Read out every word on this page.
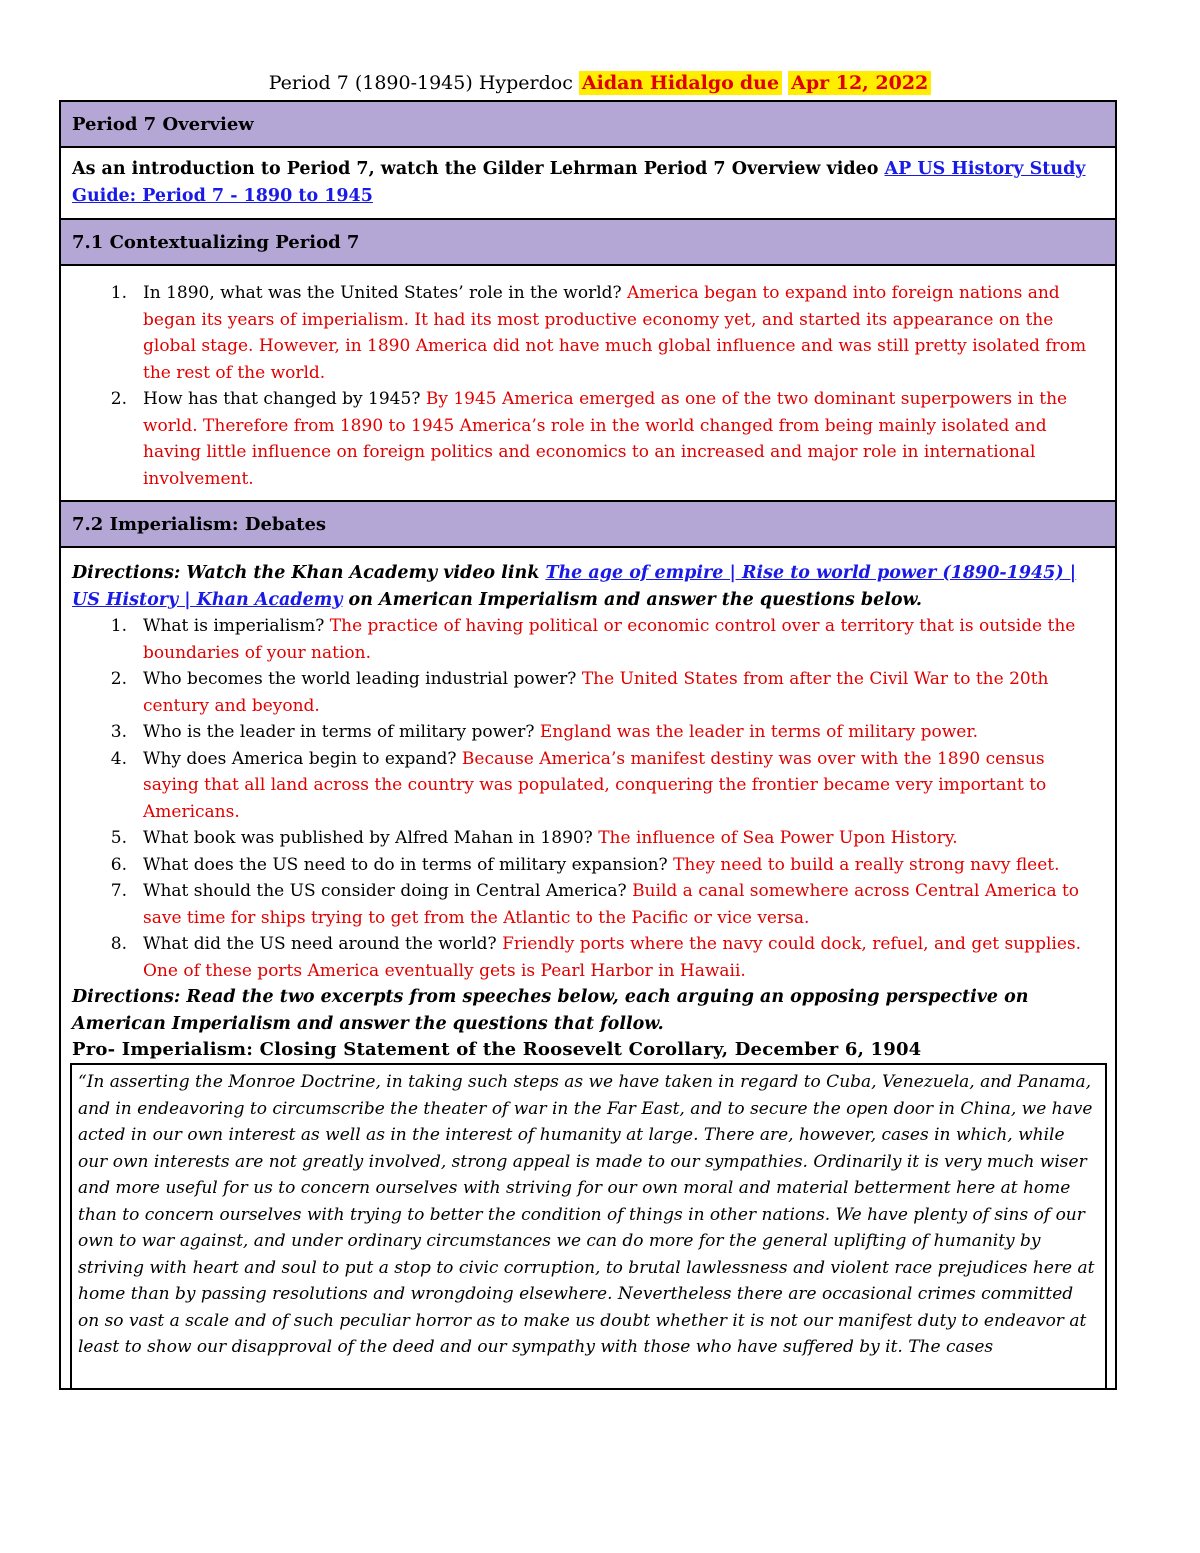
Period 7 (1890-1945) Hyperdoc Aidan Hidalgo due Apr 12, 2022
Period 7 Overview
As an introduction to Period 7, watch the Gilder Lehrman Period 7 Overview video AP US History Study Guide: Period 7 - 1890 to 1945
7.1 Contextualizing Period 7
1. In 1890, what was the United States’ role in the world? America began to expand into foreign nations and began its years of imperialism. It had its most productive economy yet, and started its appearance on the global stage. However, in 1890 America did not have much global influence and was still pretty isolated from the rest of the world.
2. How has that changed by 1945? By 1945 America emerged as one of the two dominant superpowers in the world. Therefore from 1890 to 1945 America’s role in the world changed from being mainly isolated and having little influence on foreign politics and economics to an increased and major role in international involvement.
7.2 Imperialism: Debates
Directions: Watch the Khan Academy video link The age of empire | Rise to world power (1890-1945) | US History | Khan Academy on American Imperialism and answer the questions below.
1. What is imperialism? The practice of having political or economic control over a territory that is outside the boundaries of your nation.
2. Who becomes the world leading industrial power? The United States from after the Civil War to the 20th century and beyond.
3. Who is the leader in terms of military power? England was the leader in terms of military power.
4. Why does America begin to expand? Because America’s manifest destiny was over with the 1890 census saying that all land across the country was populated, conquering the frontier became very important to Americans.
5. What book was published by Alfred Mahan in 1890? The influence of Sea Power Upon History.
6. What does the US need to do in terms of military expansion? They need to build a really strong navy fleet.
7. What should the US consider doing in Central America? Build a canal somewhere across Central America to save time for ships trying to get from the Atlantic to the Pacific or vice versa.
8. What did the US need around the world? Friendly ports where the navy could dock, refuel, and get supplies. One of these ports America eventually gets is Pearl Harbor in Hawaii.
Directions: Read the two excerpts from speeches below, each arguing an opposing perspective on American Imperialism and answer the questions that follow.
Pro- Imperialism: Closing Statement of the Roosevelt Corollary, December 6, 1904
“In asserting the Monroe Doctrine, in taking such steps as we have taken in regard to Cuba, Venezuela, and Panama, and in endeavoring to circumscribe the theater of war in the Far East, and to secure the open door in China, we have acted in our own interest as well as in the interest of humanity at large. There are, however, cases in which, while our own interests are not greatly involved, strong appeal is made to our sympathies. Ordinarily it is very much wiser and more useful for us to concern ourselves with striving for our own moral and material betterment here at home than to concern ourselves with trying to better the condition of things in other nations. We have plenty of sins of our own to war against, and under ordinary circumstances we can do more for the general uplifting of humanity by striving with heart and soul to put a stop to civic corruption, to brutal lawlessness and violent race prejudices here at home than by passing resolutions and wrongdoing elsewhere. Nevertheless there are occasional crimes committed on so vast a scale and of such peculiar horror as to make us doubt whether it is not our manifest duty to endeavor at least to show our disapproval of the deed and our sympathy with those who have suffered by it. The cases
